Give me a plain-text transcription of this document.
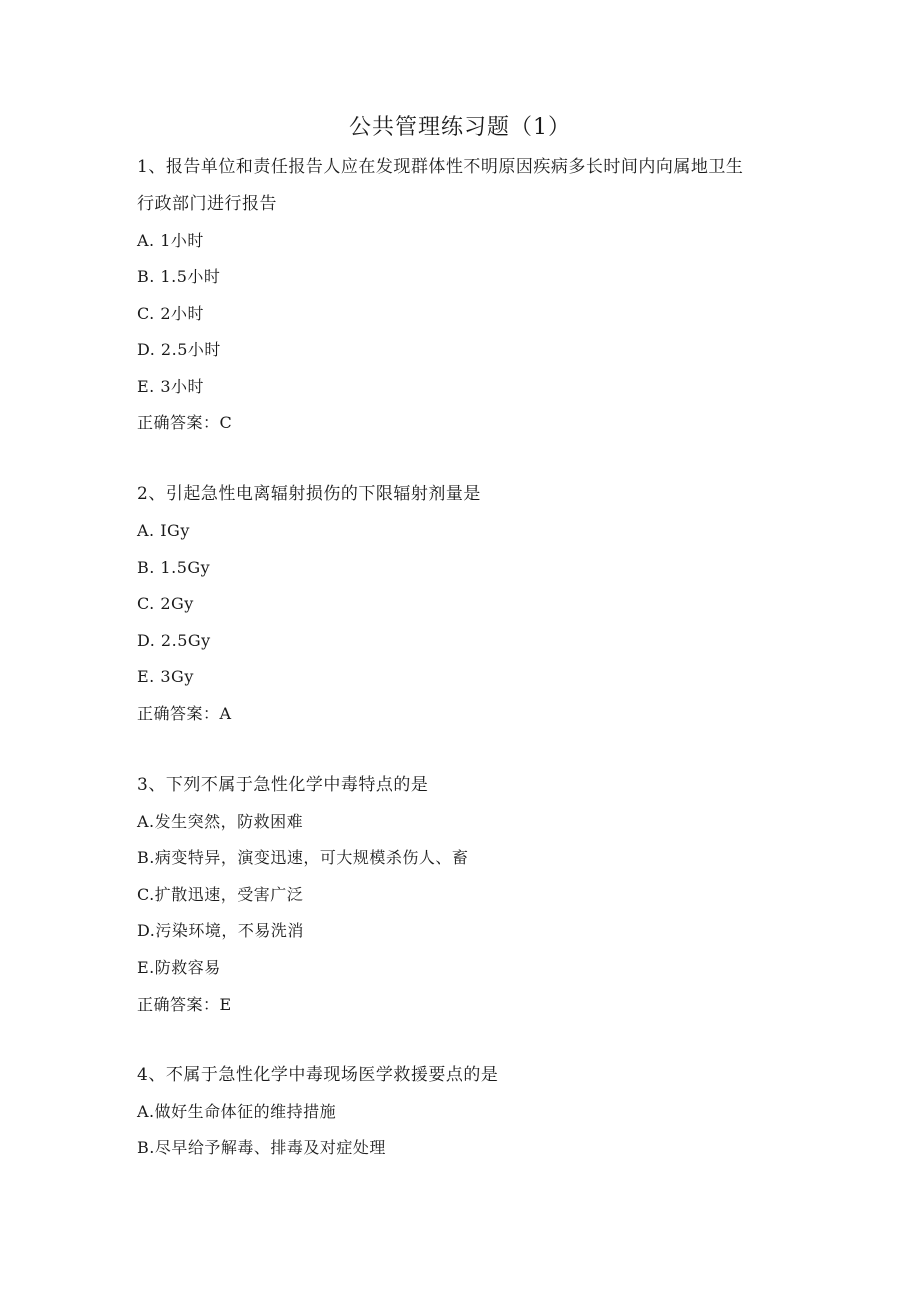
公共管理练习题（1）
1、报告单位和责任报告人应在发现群体性不明原因疾病多长时间内向属地卫生
行政部门进行报告
A. 1小时
B. 1.5小时
C. 2小时
D. 2.5小时
E. 3小时
正确答案：C
2、引起急性电离辐射损伤的下限辐射剂量是
A. IGy
B. 1.5Gy
C. 2Gy
D. 2.5Gy
E. 3Gy
正确答案：A
3、下列不属于急性化学中毒特点的是
A.发生突然，防救困难
B.病变特异，演变迅速，可大规模杀伤人、畜
C.扩散迅速，受害广泛
D.污染环境，不易洗消
E.防救容易
正确答案：E
4、不属于急性化学中毒现场医学救援要点的是
A.做好生命体征的维持措施
B.尽早给予解毒、排毒及对症处理
